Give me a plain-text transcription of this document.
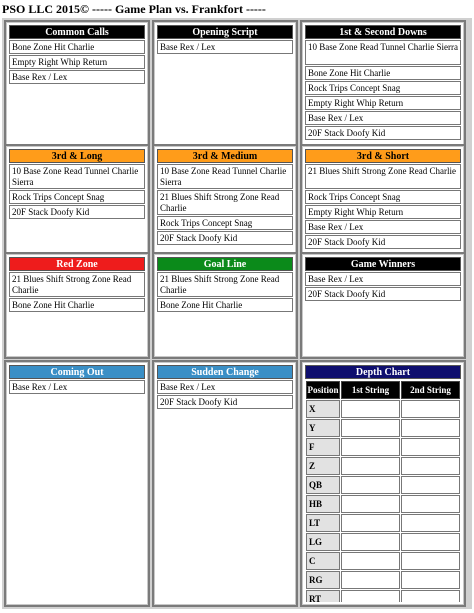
PSO LLC 2015© ----- Game Plan vs. Frankfort -----
Common Calls
Bone Zone Hit Charlie
Empty Right Whip Return
Base Rex / Lex
Opening Script
Base Rex / Lex
1st & Second Downs
10 Base Zone Read Tunnel Charlie Sierra
Bone Zone Hit Charlie
Rock Trips Concept Snag
Empty Right Whip Return
Base Rex / Lex
20F Stack Doofy Kid
3rd & Long
10 Base Zone Read Tunnel Charlie Sierra
Rock Trips Concept Snag
20F Stack Doofy Kid
3rd & Medium
10 Base Zone Read Tunnel Charlie Sierra
21 Blues Shift Strong Zone Read Charlie
Rock Trips Concept Snag
20F Stack Doofy Kid
3rd & Short
21 Blues Shift Strong Zone Read Charlie
Rock Trips Concept Snag
Empty Right Whip Return
Base Rex / Lex
20F Stack Doofy Kid
Red Zone
21 Blues Shift Strong Zone Read Charlie
Bone Zone Hit Charlie
Goal Line
21 Blues Shift Strong Zone Read Charlie
Bone Zone Hit Charlie
Game Winners
Base Rex / Lex
20F Stack Doofy Kid
Coming Out
Base Rex / Lex
Sudden Change
Base Rex / Lex
20F Stack Doofy Kid
Depth Chart
Position	1st String	2nd String
X		
Y		
F		
Z		
QB		
HB		
LT		
LG		
C		
RG		
RT		
